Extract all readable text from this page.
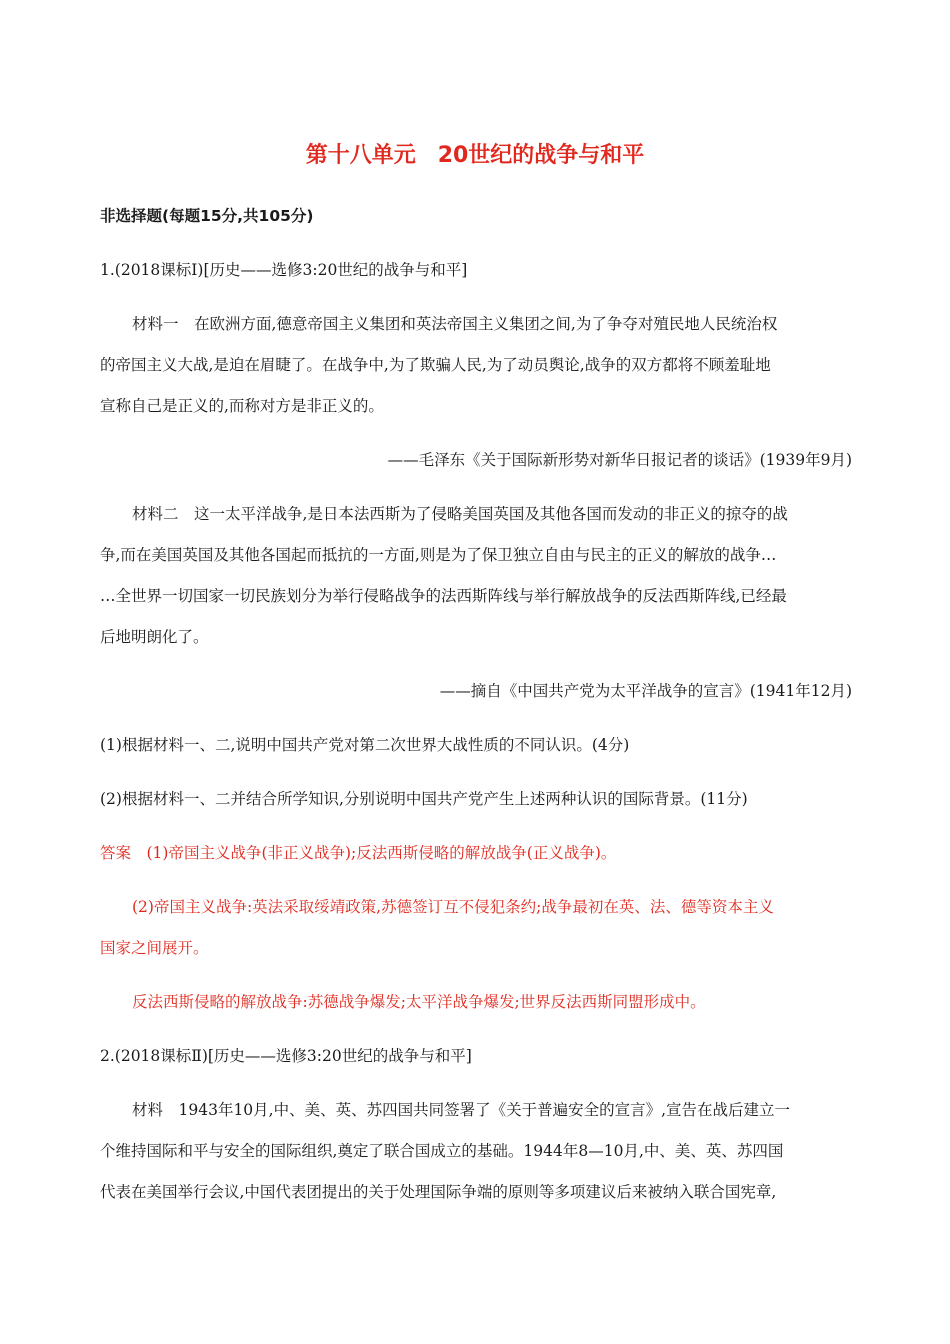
第十八单元　20世纪的战争与和平
非选择题(每题15分,共105分)
1.(2018课标Ⅰ)[历史——选修3:20世纪的战争与和平]
材料一　在欧洲方面,德意帝国主义集团和英法帝国主义集团之间,为了争夺对殖民地人民统治权
的帝国主义大战,是迫在眉睫了。在战争中,为了欺骗人民,为了动员舆论,战争的双方都将不顾羞耻地
宣称自己是正义的,而称对方是非正义的。
——毛泽东《关于国际新形势对新华日报记者的谈话》(1939年9月)
材料二　这一太平洋战争,是日本法西斯为了侵略美国英国及其他各国而发动的非正义的掠夺的战
争,而在美国英国及其他各国起而抵抗的一方面,则是为了保卫独立自由与民主的正义的解放的战争…
…全世界一切国家一切民族划分为举行侵略战争的法西斯阵线与举行解放战争的反法西斯阵线,已经最
后地明朗化了。
——摘自《中国共产党为太平洋战争的宣言》(1941年12月)
(1)根据材料一、二,说明中国共产党对第二次世界大战性质的不同认识。(4分)
(2)根据材料一、二并结合所学知识,分别说明中国共产党产生上述两种认识的国际背景。(11分)
答案　(1)帝国主义战争(非正义战争);反法西斯侵略的解放战争(正义战争)。
(2)帝国主义战争:英法采取绥靖政策,苏德签订互不侵犯条约;战争最初在英、法、德等资本主义
国家之间展开。
反法西斯侵略的解放战争:苏德战争爆发;太平洋战争爆发;世界反法西斯同盟形成中。
2.(2018课标Ⅱ)[历史——选修3:20世纪的战争与和平]
材料　1943年10月,中、美、英、苏四国共同签署了《关于普遍安全的宣言》,宣告在战后建立一
个维持国际和平与安全的国际组织,奠定了联合国成立的基础。1944年8—10月,中、美、英、苏四国
代表在美国举行会议,中国代表团提出的关于处理国际争端的原则等多项建议后来被纳入联合国宪章,
